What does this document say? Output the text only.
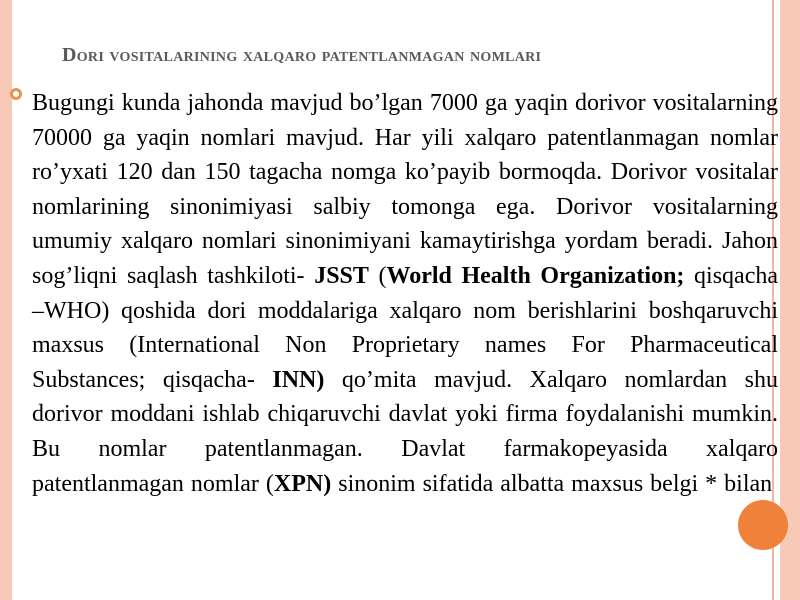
Dori vositalarining xalqaro patentlanmagan nomlari
Bugungi kunda jahonda mavjud bo’lgan 7000 ga yaqin dorivor vositalarning 70000 ga yaqin nomlari mavjud. Har yili xalqaro patentlanmagan nomlar ro’yxati 120 dan 150 tagacha nomga ko’payib bormoqda. Dorivor vositalar nomlarining sinonimiyasi salbiy tomonga ega. Dorivor vositalarning umumiy xalqaro nomlari sinonimiyani kamaytirishga yordam beradi. Jahon sog’liqni saqlash tashkiloti- JSST (World Health Organization; qisqacha –WHO) qoshida dori moddalariga xalqaro nom berishlarini boshqaruvchi maxsus (International Non Proprietary names For Pharmaceutical Substances; qisqacha- INN) qo’mita mavjud. Xalqaro nomlardan shu dorivor moddani ishlab chiqaruvchi davlat yoki firma foydalanishi mumkin. Bu nomlar patentlanmagan. Davlat farmakopeyasida xalqaro patentlanmagan nomlar (XPN) sinonim sifatida albatta maxsus belgi * bilan
